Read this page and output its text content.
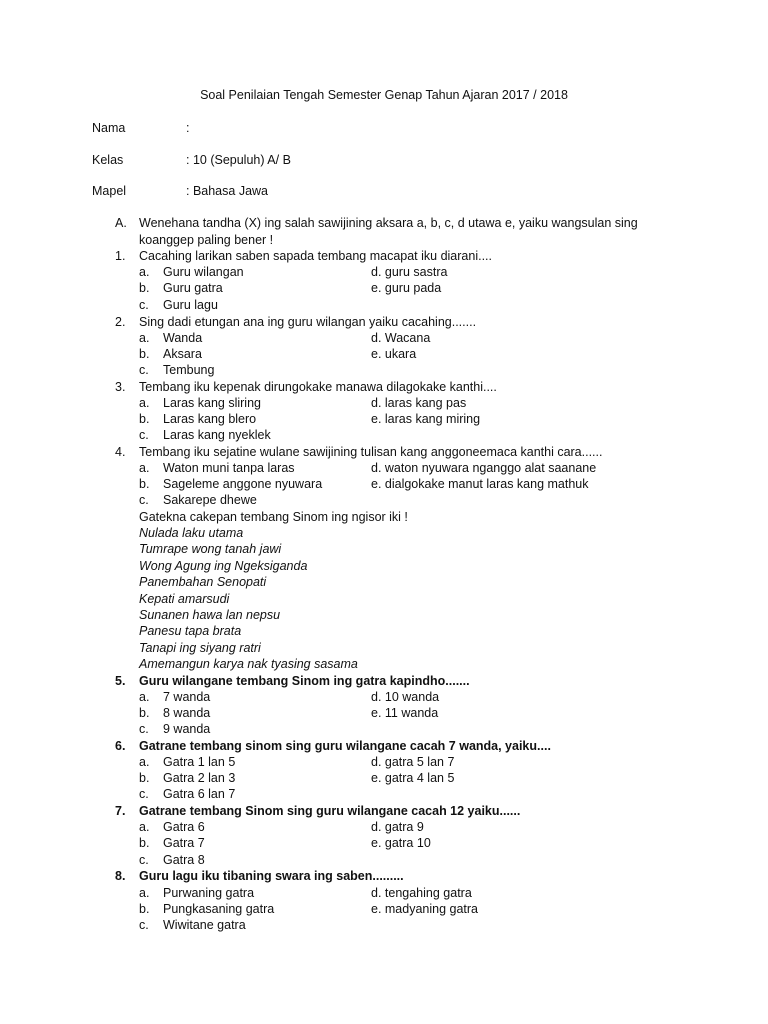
Soal Penilaian Tengah Semester Genap Tahun Ajaran 2017 / 2018
Nama	:
Kelas	: 10 (Sepuluh) A/ B
Mapel	: Bahasa Jawa
A. Wenehana tandha (X) ing salah sawijining aksara a, b, c, d utawa e, yaiku wangsulan sing
koanggep paling bener !
1.	Cacahing larikan saben sapada tembang macapat iku diarani....
a.	Guru wilangan	d. guru sastra
b.	Guru gatra	e. guru pada
c.	Guru lagu
2.	Sing dadi etungan ana ing guru wilangan yaiku cacahing.......
a.	Wanda	d. Wacana
b.	Aksara	e. ukara
c.	Tembung
3.	Tembang iku kepenak dirungokake manawa dilagokake kanthi....
a.	Laras kang sliring	d. laras kang pas
b.	Laras kang blero	e. laras kang miring
c.	Laras kang nyeklek
4.	Tembang iku sejatine wulane sawijining tulisan kang anggoneemaca kanthi cara......
a.	Waton muni tanpa laras	d. waton nyuwara nganggo alat saanane
b.	Sageleme anggone nyuwara	e. dialgokake manut laras kang mathuk
c.	Sakarepe dhewe
Gatekna cakepan tembang Sinom ing ngisor iki !
Nulada laku utama
Tumrape wong tanah jawi
Wong Agung ing Ngeksiganda
Panembahan Senopati
Kepati amarsudi
Sunanen hawa lan nepsu
Panesu tapa brata
Tanapi ing siyang ratri
Amemangun karya nak tyasing sasama
5.	Guru wilangane tembang Sinom ing gatra kapindho.......
a.	7 wanda	d. 10 wanda
b.	8 wanda	e. 11 wanda
c.	9 wanda
6.	Gatrane tembang sinom sing guru wilangane cacah 7 wanda, yaiku....
a.	Gatra 1 lan 5	d. gatra 5 lan 7
b.	Gatra 2 lan 3	e. gatra 4 lan 5
c.	Gatra 6 lan 7
7.	Gatrane tembang Sinom sing guru wilangane cacah 12 yaiku......
a.	Gatra 6	d. gatra 9
b.	Gatra 7	e. gatra 10
c.	Gatra 8
8.	Guru lagu iku tibaning swara ing saben.........
a.	Purwaning gatra	d. tengahing gatra
b.	Pungkasaning gatra	e. madyaning gatra
c.	Wiwitane gatra
